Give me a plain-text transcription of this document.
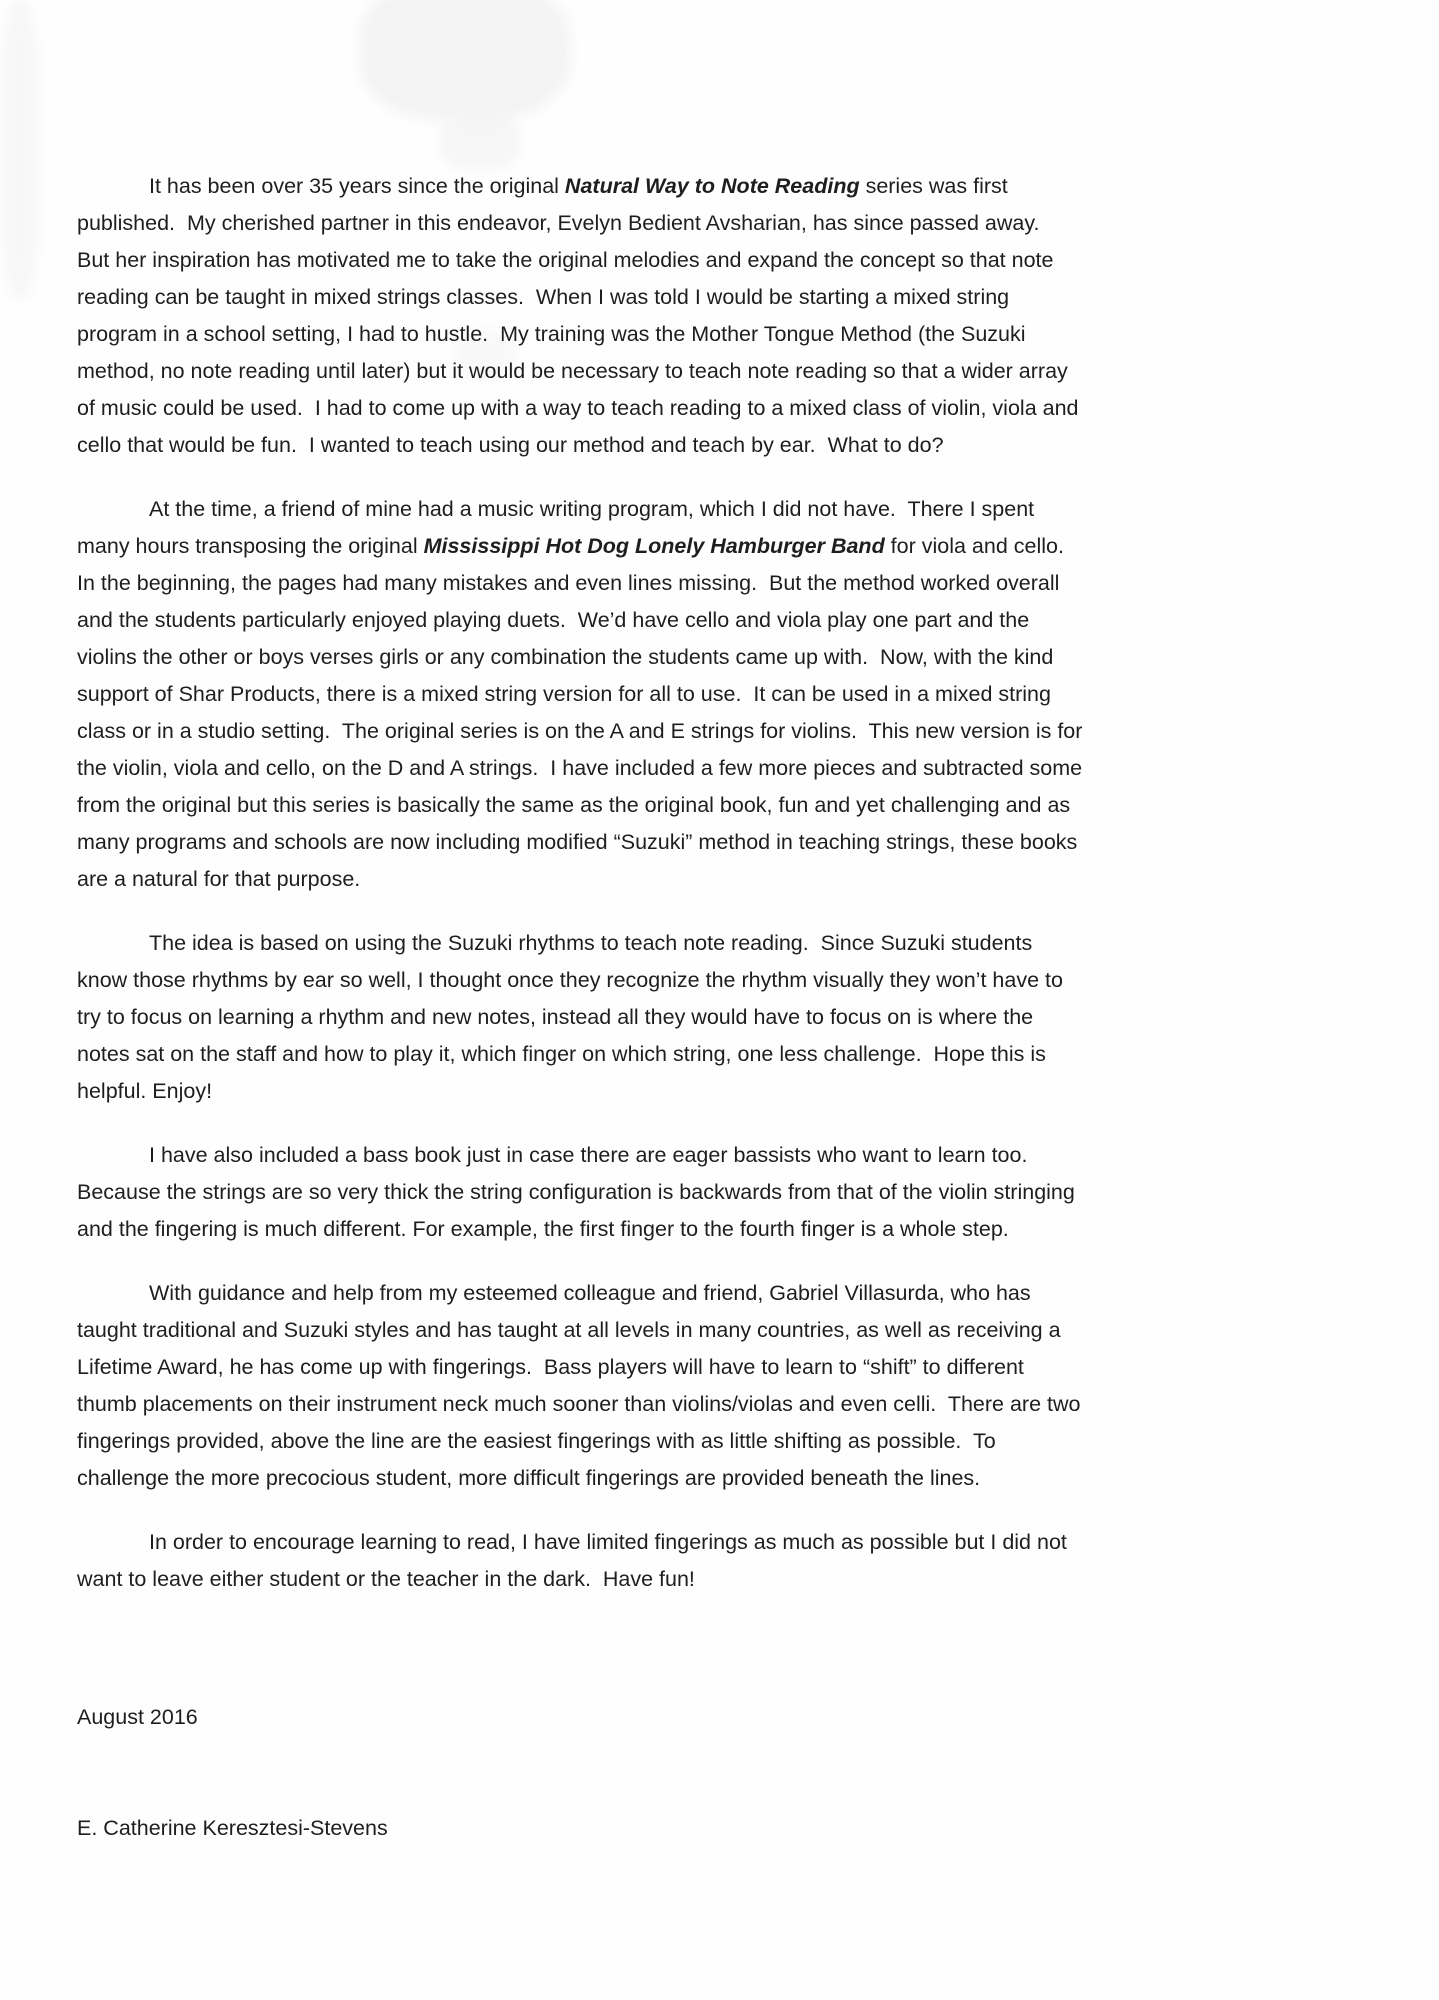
It has been over 35 years since the original Natural Way to Note Reading series was first published.  My cherished partner in this endeavor, Evelyn Bedient Avsharian, has since passed away.  But her inspiration has motivated me to take the original melodies and expand the concept so that note reading can be taught in mixed strings classes.  When I was told I would be starting a mixed string program in a school setting, I had to hustle.  My training was the Mother Tongue Method (the Suzuki method, no note reading until later) but it would be necessary to teach note reading so that a wider array of music could be used.  I had to come up with a way to teach reading to a mixed class of violin, viola and cello that would be fun.  I wanted to teach using our method and teach by ear.  What to do?

At the time, a friend of mine had a music writing program, which I did not have.  There I spent many hours transposing the original Mississippi Hot Dog Lonely Hamburger Band for viola and cello.  In the beginning, the pages had many mistakes and even lines missing.  But the method worked overall and the students particularly enjoyed playing duets.  We’d have cello and viola play one part and the violins the other or boys verses girls or any combination the students came up with.  Now, with the kind support of Shar Products, there is a mixed string version for all to use.  It can be used in a mixed string class or in a studio setting.  The original series is on the A and E strings for violins.  This new version is for the violin, viola and cello, on the D and A strings.  I have included a few more pieces and subtracted some from the original but this series is basically the same as the original book, fun and yet challenging and as many programs and schools are now including modified “Suzuki” method in teaching strings, these books are a natural for that purpose.

The idea is based on using the Suzuki rhythms to teach note reading.  Since Suzuki students know those rhythms by ear so well, I thought once they recognize the rhythm visually they won’t have to try to focus on learning a rhythm and new notes, instead all they would have to focus on is where the notes sat on the staff and how to play it, which finger on which string, one less challenge.  Hope this is helpful. Enjoy!

I have also included a bass book just in case there are eager bassists who want to learn too.  Because the strings are so very thick the string configuration is backwards from that of the violin stringing and the fingering is much different. For example, the first finger to the fourth finger is a whole step.

With guidance and help from my esteemed colleague and friend, Gabriel Villasurda, who has taught traditional and Suzuki styles and has taught at all levels in many countries, as well as receiving a Lifetime Award, he has come up with fingerings.  Bass players will have to learn to “shift” to different thumb placements on their instrument neck much sooner than violins/violas and even celli.  There are two fingerings provided, above the line are the easiest fingerings with as little shifting as possible.  To challenge the more precocious student, more difficult fingerings are provided beneath the lines.

In order to encourage learning to read, I have limited fingerings as much as possible but I did not want to leave either student or the teacher in the dark.  Have fun!

August 2016

E. Catherine Keresztesi-Stevens
